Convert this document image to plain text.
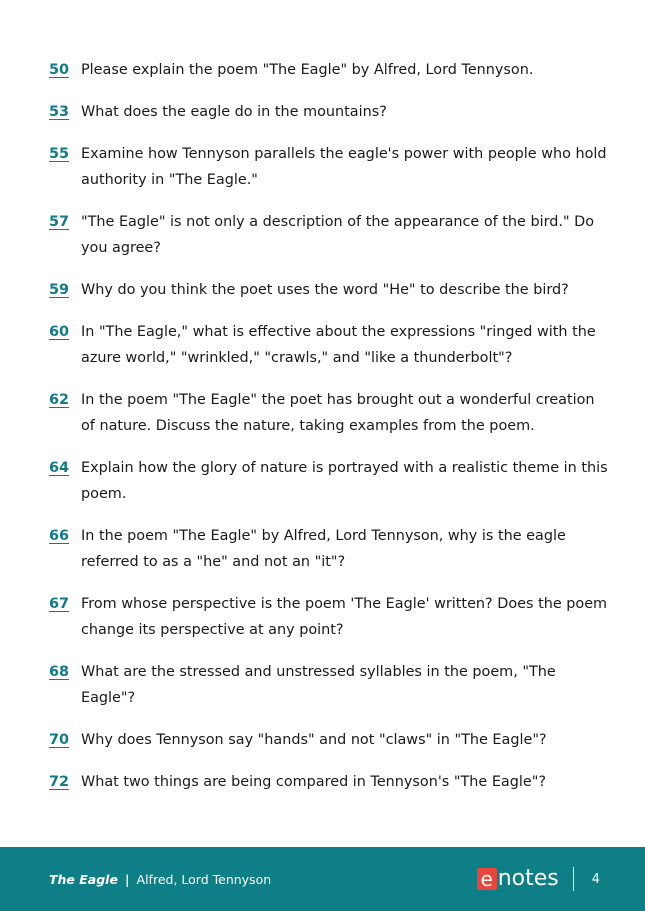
50 Please explain the poem "The Eagle" by Alfred, Lord Tennyson.
53 What does the eagle do in the mountains?
55 Examine how Tennyson parallels the eagle's power with people who hold authority in "The Eagle."
57 "The Eagle" is not only a description of the appearance of the bird." Do you agree?
59 Why do you think the poet uses the word "He" to describe the bird?
60 In "The Eagle," what is effective about the expressions "ringed with the azure world," "wrinkled," "crawls," and "like a thunderbolt"?
62 In the poem "The Eagle" the poet has brought out a wonderful creation of nature. Discuss the nature, taking examples from the poem.
64 Explain how the glory of nature is portrayed with a realistic theme in this poem.
66 In the poem "The Eagle" by Alfred, Lord Tennyson, why is the eagle referred to as a "he" and not an "it"?
67 From whose perspective is the poem 'The Eagle' written? Does the poem change its perspective at any point?
68 What are the stressed and unstressed syllables in the poem, "The Eagle"?
70 Why does Tennyson say "hands" and not "claws" in "The Eagle"?
72 What two things are being compared in Tennyson's "The Eagle"?
The Eagle | Alfred, Lord Tennyson	e notes	4
